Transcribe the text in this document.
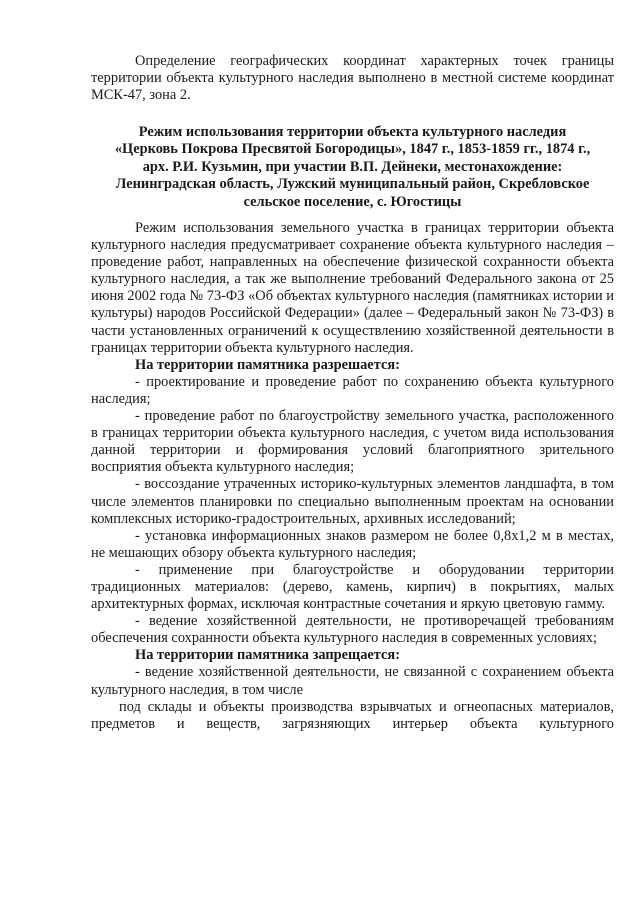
Определение географических координат характерных точек границы территории объекта культурного наследия выполнено в местной системе координат МСК-47, зона 2.

Режим использования территории объекта культурного наследия
«Церковь Покрова Пресвятой Богородицы», 1847 г., 1853-1859 гг., 1874 г.,
арх. Р.И. Кузьмин, при участии В.П. Дейнеки, местонахождение:
Ленинградская область, Лужский муниципальный район, Скребловское
сельское поселение, с. Югостицы

Режим использования земельного участка в границах территории объекта культурного наследия предусматривает сохранение объекта культурного наследия – проведение работ, направленных на обеспечение физической сохранности объекта культурного наследия, а так же выполнение требований Федерального закона от 25 июня 2002 года № 73-ФЗ «Об объектах культурного наследия (памятниках истории и культуры) народов Российской Федерации» (далее – Федеральный закон № 73-ФЗ) в части установленных ограничений к осуществлению хозяйственной деятельности в границах территории объекта культурного наследия.

На территории памятника разрешается:

- проектирование и проведение работ по сохранению объекта культурного наследия;

- проведение работ по благоустройству земельного участка, расположенного в границах территории объекта культурного наследия, с учетом вида использования данной территории и формирования условий благоприятного зрительного восприятия объекта культурного наследия;

- воссоздание утраченных историко-культурных элементов ландшафта, в том числе элементов планировки по специально выполненным проектам на основании комплексных историко-градостроительных, архивных исследований;

- установка информационных знаков размером не более 0,8х1,2 м в местах, не мешающих обзору объекта культурного наследия;

- применение при благоустройстве и оборудовании территории традиционных материалов: (дерево, камень, кирпич) в покрытиях, малых архитектурных формах, исключая контрастные сочетания и яркую цветовую гамму.

- ведение хозяйственной деятельности, не противоречащей требованиям обеспечения сохранности объекта культурного наследия в современных условиях;

На территории памятника запрещается:

- ведение хозяйственной деятельности, не связанной с сохранением объекта культурного наследия, в том числе

под склады и объекты производства взрывчатых и огнеопасных материалов, предметов и веществ, загрязняющих интерьер объекта культурного
